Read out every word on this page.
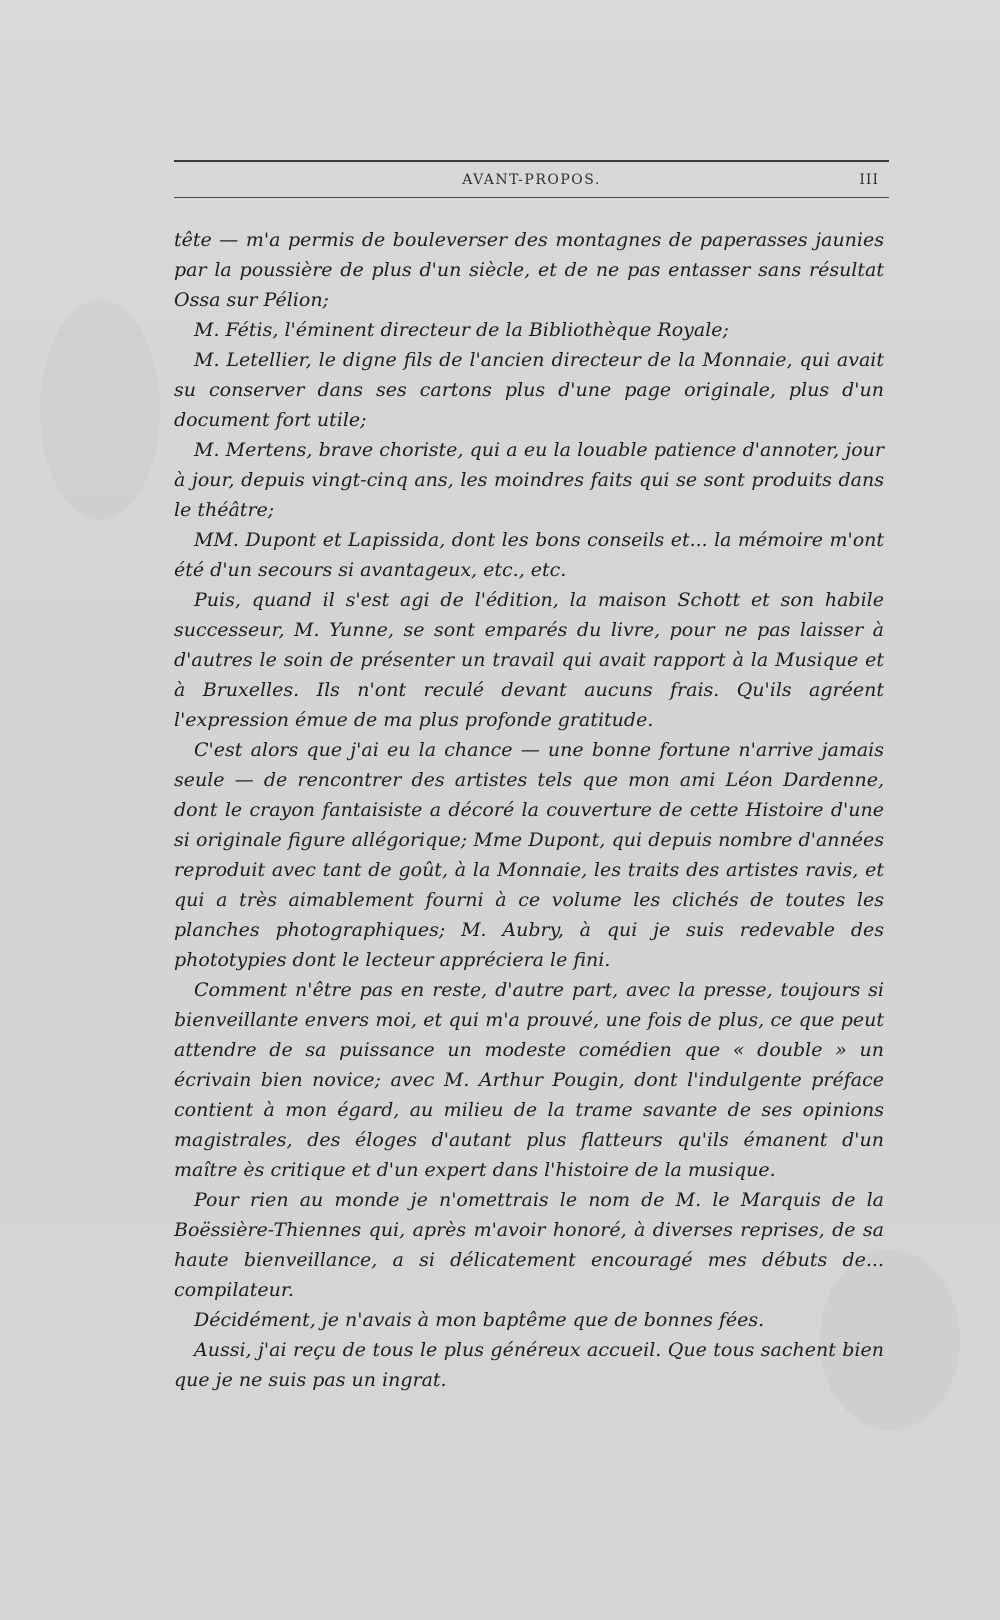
AVANT-PROPOS.	III

tête — m'a permis de bouleverser des montagnes de paperasses jaunies par la poussière de plus d'un siècle, et de ne pas entasser sans résultat Ossa sur Pélion;

M. Fétis, l'éminent directeur de la Bibliothèque Royale;

M. Letellier, le digne fils de l'ancien directeur de la Monnaie, qui avait su conserver dans ses cartons plus d'une page originale, plus d'un document fort utile;

M. Mertens, brave choriste, qui a eu la louable patience d'annoter, jour à jour, depuis vingt-cinq ans, les moindres faits qui se sont produits dans le théâtre;

MM. Dupont et Lapissida, dont les bons conseils et... la mémoire m'ont été d'un secours si avantageux, etc., etc.

Puis, quand il s'est agi de l'édition, la maison Schott et son habile successeur, M. Yunne, se sont emparés du livre, pour ne pas laisser à d'autres le soin de présenter un travail qui avait rapport à la Musique et à Bruxelles. Ils n'ont reculé devant aucuns frais. Qu'ils agréent l'expression émue de ma plus profonde gratitude.

C'est alors que j'ai eu la chance — une bonne fortune n'arrive jamais seule — de rencontrer des artistes tels que mon ami Léon Dardenne, dont le crayon fantaisiste a décoré la couverture de cette Histoire d'une si originale figure allégorique; Mme Dupont, qui depuis nombre d'années reproduit avec tant de goût, à la Monnaie, les traits des artistes ravis, et qui a très aimablement fourni à ce volume les clichés de toutes les planches photographiques; M. Aubry, à qui je suis redevable des phototypies dont le lecteur appréciera le fini.

Comment n'être pas en reste, d'autre part, avec la presse, toujours si bienveillante envers moi, et qui m'a prouvé, une fois de plus, ce que peut attendre de sa puissance un modeste comédien que « double » un écrivain bien novice; avec M. Arthur Pougin, dont l'indulgente préface contient à mon égard, au milieu de la trame savante de ses opinions magistrales, des éloges d'autant plus flatteurs qu'ils émanent d'un maître ès critique et d'un expert dans l'histoire de la musique.

Pour rien au monde je n'omettrais le nom de M. le Marquis de la Boëssière-Thiennes qui, après m'avoir honoré, à diverses reprises, de sa haute bienveillance, a si délicatement encouragé mes débuts de... compilateur.

Décidément, je n'avais à mon baptême que de bonnes fées.

Aussi, j'ai reçu de tous le plus généreux accueil. Que tous sachent bien que je ne suis pas un ingrat.
